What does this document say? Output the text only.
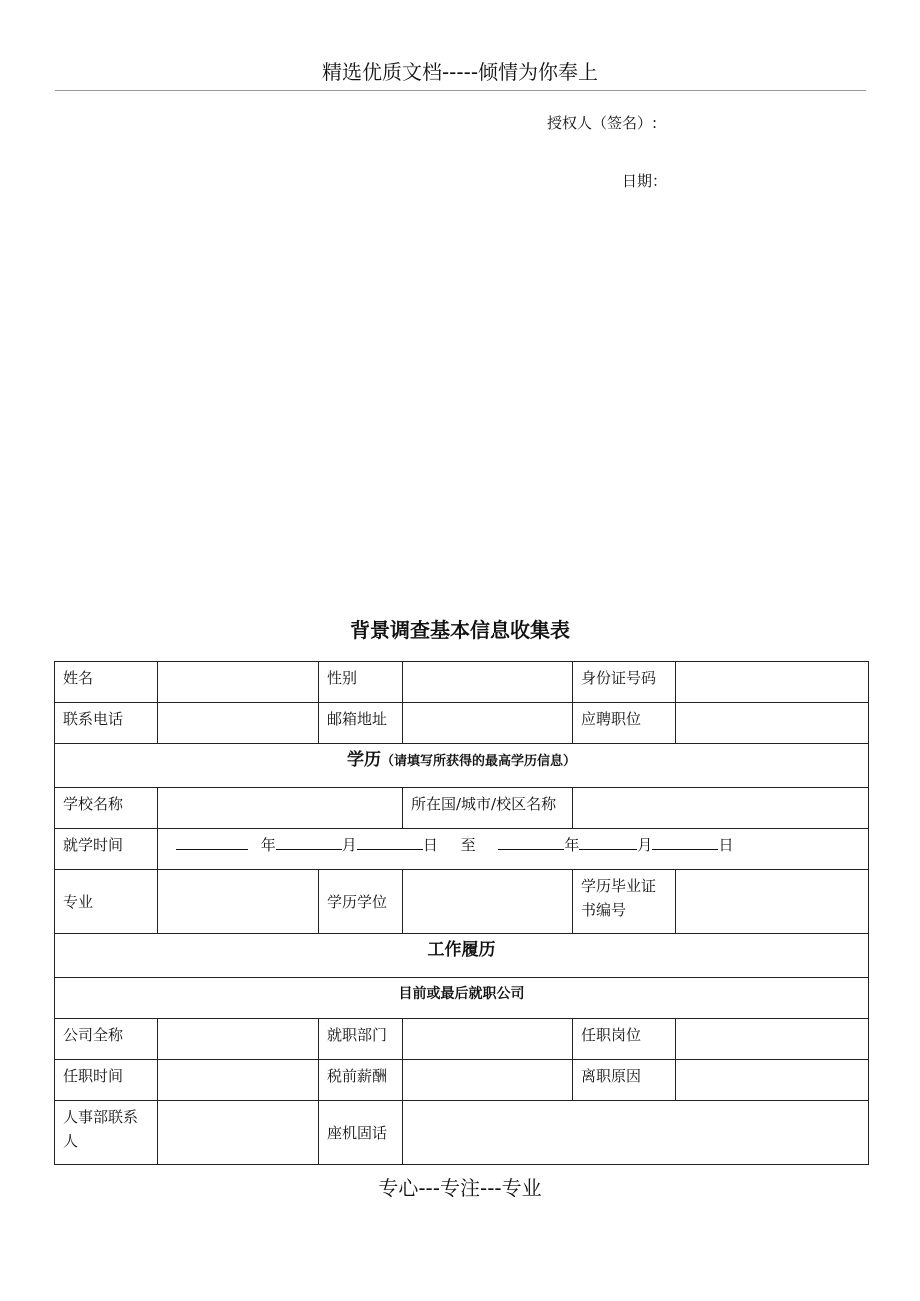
精选优质文档-----倾情为你奉上
授权人（签名）:
日期：
背景调查基本信息收集表
姓名		性别		身份证号码	
联系电话		邮箱地址		应聘职位	
学历（请填写所获得的最高学历信息）					
学校名称			所在国/城市/校区名称		
就学时间	年 月 日 至 年 月 日				
专业		学历学位		学历毕业证书编号	
工作履历					
目前或最后就职公司					
公司全称		就职部门		任职岗位	
任职时间		税前薪酬		离职原因	
人事部联系人		座机固话			
专心---专注---专业
